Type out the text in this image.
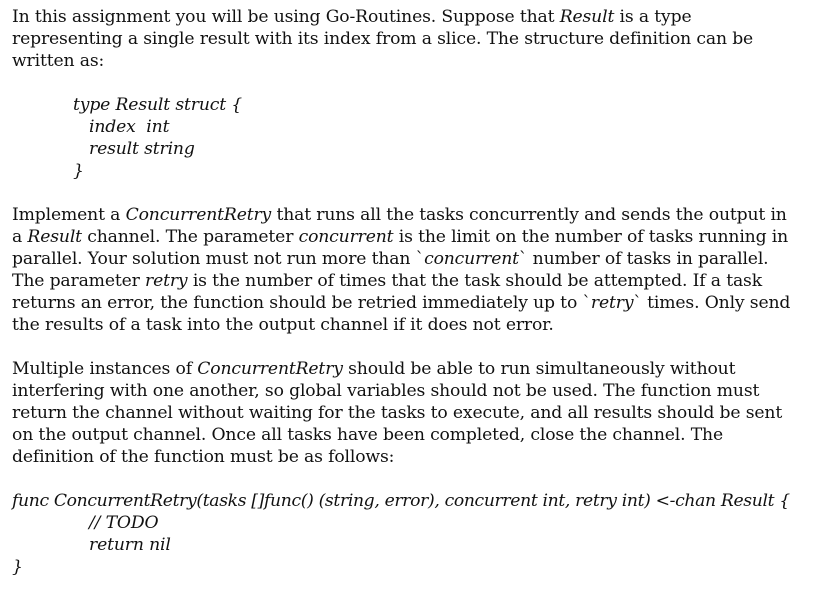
In this assignment you will be using Go-Routines. Suppose that Result is a type representing a single result with its index from a slice. The structure definition can be written as:

type Result struct {
index  int
result string
}

Implement a ConcurrentRetry that runs all the tasks concurrently and sends the output in a Result channel. The parameter concurrent is the limit on the number of tasks running in parallel. Your solution must not run more than `concurrent` number of tasks in parallel. The parameter retry is the number of times that the task should be attempted. If a task returns an error, the function should be retried immediately up to `retry` times. Only send the results of a task into the output channel if it does not error.

Multiple instances of ConcurrentRetry should be able to run simultaneously without interfering with one another, so global variables should not be used. The function must return the channel without waiting for the tasks to execute, and all results should be sent on the output channel. Once all tasks have been completed, close the channel. The definition of the function must be as follows:

func ConcurrentRetry(tasks []func() (string, error), concurrent int, retry int) <-chan Result {
// TODO
return nil
}
